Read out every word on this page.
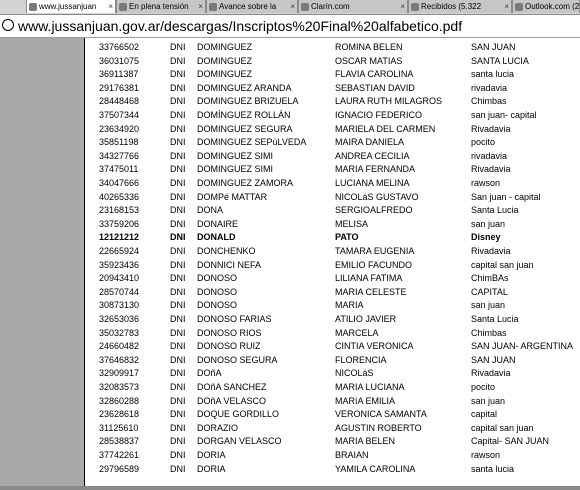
www.jussanjuan ×	En plena tensión ×	Avance sobre la ×	Clarín.com	×	Recibidos (5.322	×	Outlook.com (2
www.jussanjuan.gov.ar/descargas/Inscriptos%20Final%20alfabetico.pdf
33766502	DNI DOMINGUEZ	ROMINA BELEN	SAN JUAN
36031075	DNI DOMINGUEZ	OSCAR MATIAS	SANTA LUCIA
36911387	DNI DOMINGUEZ	FLAVIA CAROLINA	santa lucia
29176381	DNI DOMINGUEZ ARANDA	SEBASTIAN DAVID	rivadavia
28448468	DNI DOMINGUEZ BRIZUELA	LAURA RUTH MILAGROS	Chimbas
37507344	DNI DOMÍNGUEZ ROLLÁN	IGNACIO FEDERICO	san juan- capital
23634920	DNI DOMINGUEZ SEGURA	MARIELA DEL CARMEN	Rivadavia
35851198	DNI DOMINGUEZ SEPúLVEDA	MAIRA DANIELA	pocito
34327766	DNI DOMINGUEZ SIMI	ANDREA CECILIA	rivadavia
37475011	DNI DOMINGUEZ SIMI	MARIA FERNANDA	Rivadavia
34047666	DNI DOMINGUEZ ZAMORA	LUCIANA MELINA	rawson
40265336	DNI DOMPé MATTAR	NICOLáS GUSTAVO	San juan - capital
23168153	DNI DONA	SERGIOALFREDO	Santa Lucia
33759206	DNI DONAIRE	MELISA	san juan
12121212	DNI DONALD	PATO	Disney
22665924	DNI DONCHENKO	TAMARA EUGENIA	Rivadavia
35923436	DNI DONNICI NEFA	EMILIO FACUNDO	capital san juan
20943410	DNI DONOSO	LILIANA FATIMA	ChimBAs
28570744	DNI DONOSO	MARIA CELESTE	CAPITAL
30873130	DNI DONOSO	MARIA	san juan
32653036	DNI DONOSO FARIAS	ATILIO JAVIER	Santa Lucia
35032783	DNI DONOSO RIOS	MARCELA	Chimbas
24660482	DNI DONOSO RUIZ	CINTIA VERONICA	SAN JUAN- ARGENTINA
37646832	DNI DONOSO SEGURA	FLORENCIA	SAN JUAN
32909917	DNI DOñA	NICOLáS	Rivadavia
32083573	DNI DOñA SANCHEZ	MARIA LUCIANA	pocito
32860288	DNI DOñA VELASCO	MARíA EMILIA	san juan
23628618	DNI DOQUE GORDILLO	VERONICA SAMANTA	capital
31125610	DNI DORAZIO	AGUSTIN ROBERTO	capital san juan
28538837	DNI DORGAN VELASCO	MARIA BELEN	Capital- SAN JUAN
37742261	DNI DORIA	BRAIAN	rawson
29796589	DNI DORIA	YAMILA CAROLINA	santa lucia
